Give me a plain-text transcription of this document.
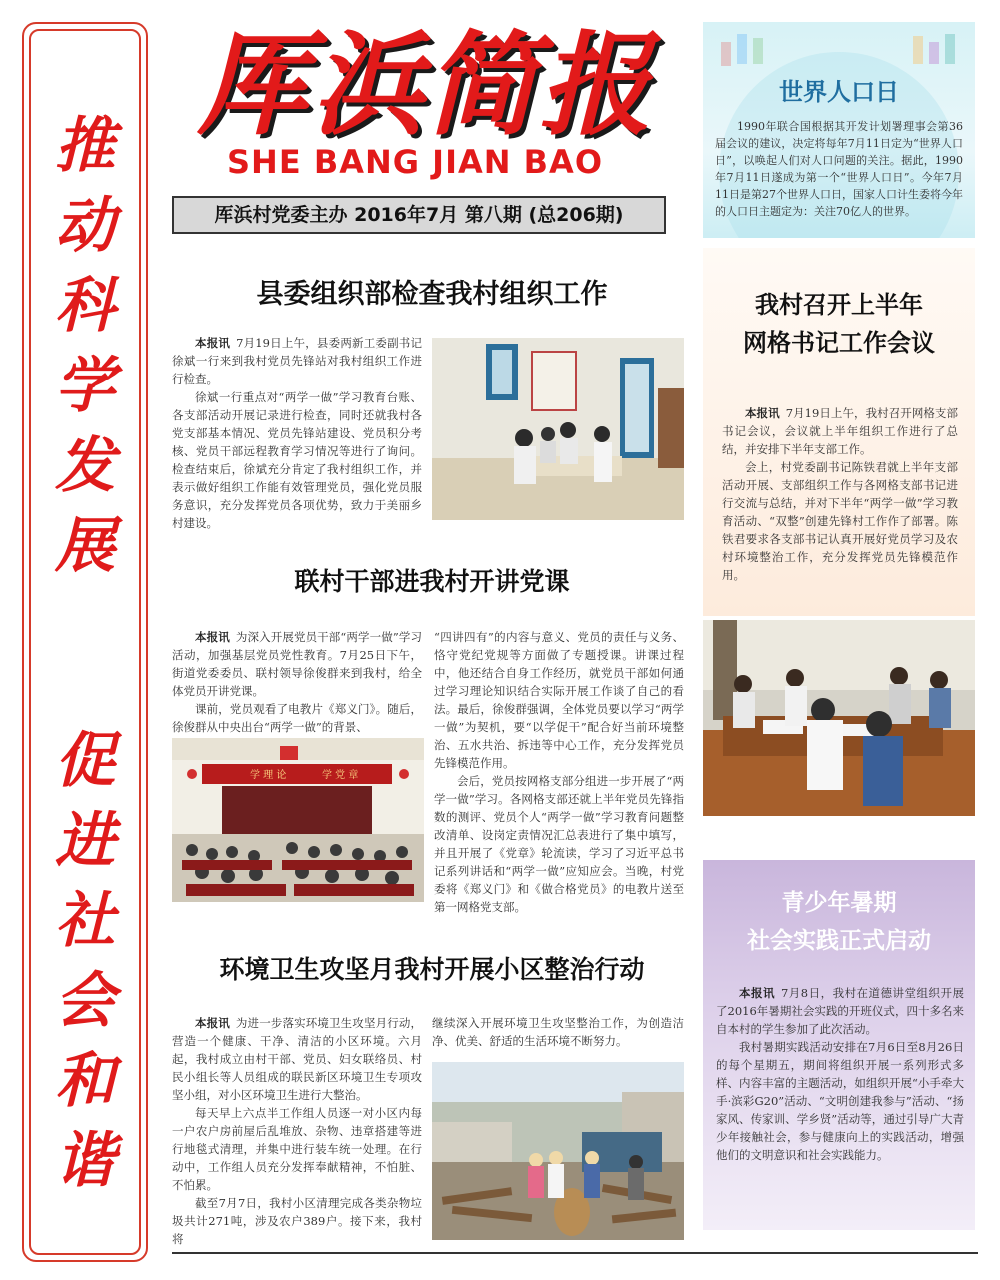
推
动
科
学
发
展
促
进
社
会
和
谐
厍浜简报
SHE BANG JIAN BAO
厍浜村党委主办 2016年7月 第八期 (总206期)
县委组织部检查我村组织工作

本报讯 7月19日上午，县委两新工委副书记徐斌一行来到我村党员先锋站对我村组织工作进行检查。

徐斌一行重点对“两学一做”学习教育台账、各支部活动开展记录进行检查，同时还就我村各党支部基本情况、党员先锋站建设、党员积分考核、党员干部远程教育学习情况等进行了询问。检查结束后，徐斌充分肯定了我村组织工作，并表示做好组织工作能有效管理党员，强化党员服务意识，充分发挥党员各项优势，致力于美丽乡村建设。

联村干部进我村开讲党课

本报讯 为深入开展党员干部“两学一做”学习活动，加强基层党员党性教育。7月25日下午，街道党委委员、联村领导徐俊群来到我村，给全体党员开讲党课。

课前，党员观看了电教片《郑义门》。随后，徐俊群从中央出台“两学一做”的背景、

学 理 论	学 党 章

“四讲四有”的内容与意义、党员的责任与义务、恪守党纪党规等方面做了专题授课。讲课过程中，他还结合自身工作经历，就党员干部如何通过学习理论知识结合实际开展工作谈了自己的看法。最后，徐俊群强调，全体党员要以学习“两学一做”为契机，要“以学促干”配合好当前环境整治、五水共治、拆违等中心工作，充分发挥党员先锋模范作用。

会后，党员按网格支部分组进一步开展了“两学一做”学习。各网格支部还就上半年党员先锋指数的测评、党员个人“两学一做”学习教育问题整改清单、设岗定责情况汇总表进行了集中填写，并且开展了《党章》轮流读，学习了习近平总书记系列讲话和“两学一做”应知应会。当晚，村党委将《郑义门》和《做合格党员》的电教片送至第一网格党支部。

环境卫生攻坚月我村开展小区整治行动

本报讯 为进一步落实环境卫生攻坚月行动，营造一个健康、干净、清洁的小区环境。六月起，我村成立由村干部、党员、妇女联络员、村民小组长等人员组成的联民新区环境卫生专项攻坚小组，对小区环境卫生进行大整治。

每天早上六点半工作组人员逐一对小区内每一户农户房前屋后乱堆放、杂物、违章搭建等进行地毯式清理，并集中进行装车统一处理。在行动中，工作组人员充分发挥奉献精神，不怕脏、不怕累。

截至7月7日，我村小区清理完成各类杂物垃圾共计271吨，涉及农户389户。接下来，我村将

继续深入开展环境卫生攻坚整治工作，为创造洁净、优美、舒适的生活环境不断努力。

世界人口日
1990年联合国根据其开发计划署理事会第36届会议的建议，决定将每年7月11日定为“世界人口日”，以唤起人们对人口问题的关注。据此，1990年7月11日遂成为第一个“世界人口日”。今年7月11日是第27个世界人口日，国家人口计生委将今年的人口日主题定为：关注70亿人的世界。
我村召开上半年
网格书记工作会议

本报讯 7月19日上午，我村召开网格支部书记会议，会议就上半年组织工作进行了总结，并安排下半年支部工作。

会上，村党委副书记陈铁君就上半年支部活动开展、支部组织工作与各网格支部书记进行交流与总结，并对下半年“两学一做”学习教育活动、“双整”创建先锋村工作作了部署。陈铁君要求各支部书记认真开展好党员学习及农村环境整治工作，充分发挥党员先锋模范作用。

青少年暑期
社会实践正式启动

本报讯 7月8日，我村在道德讲堂组织开展了2016年暑期社会实践的开班仪式，四十多名来自本村的学生参加了此次活动。

我村暑期实践活动安排在7月6日至8月26日的每个星期五，期间将组织开展一系列形式多样、内容丰富的主题活动，如组织开展“小手牵大手·滨彩G20”活动、“文明创建我参与”活动、“扬家风、传家训、学乡贤”活动等，通过引导广大青少年接触社会，参与健康向上的实践活动，增强他们的文明意识和社会实践能力。
